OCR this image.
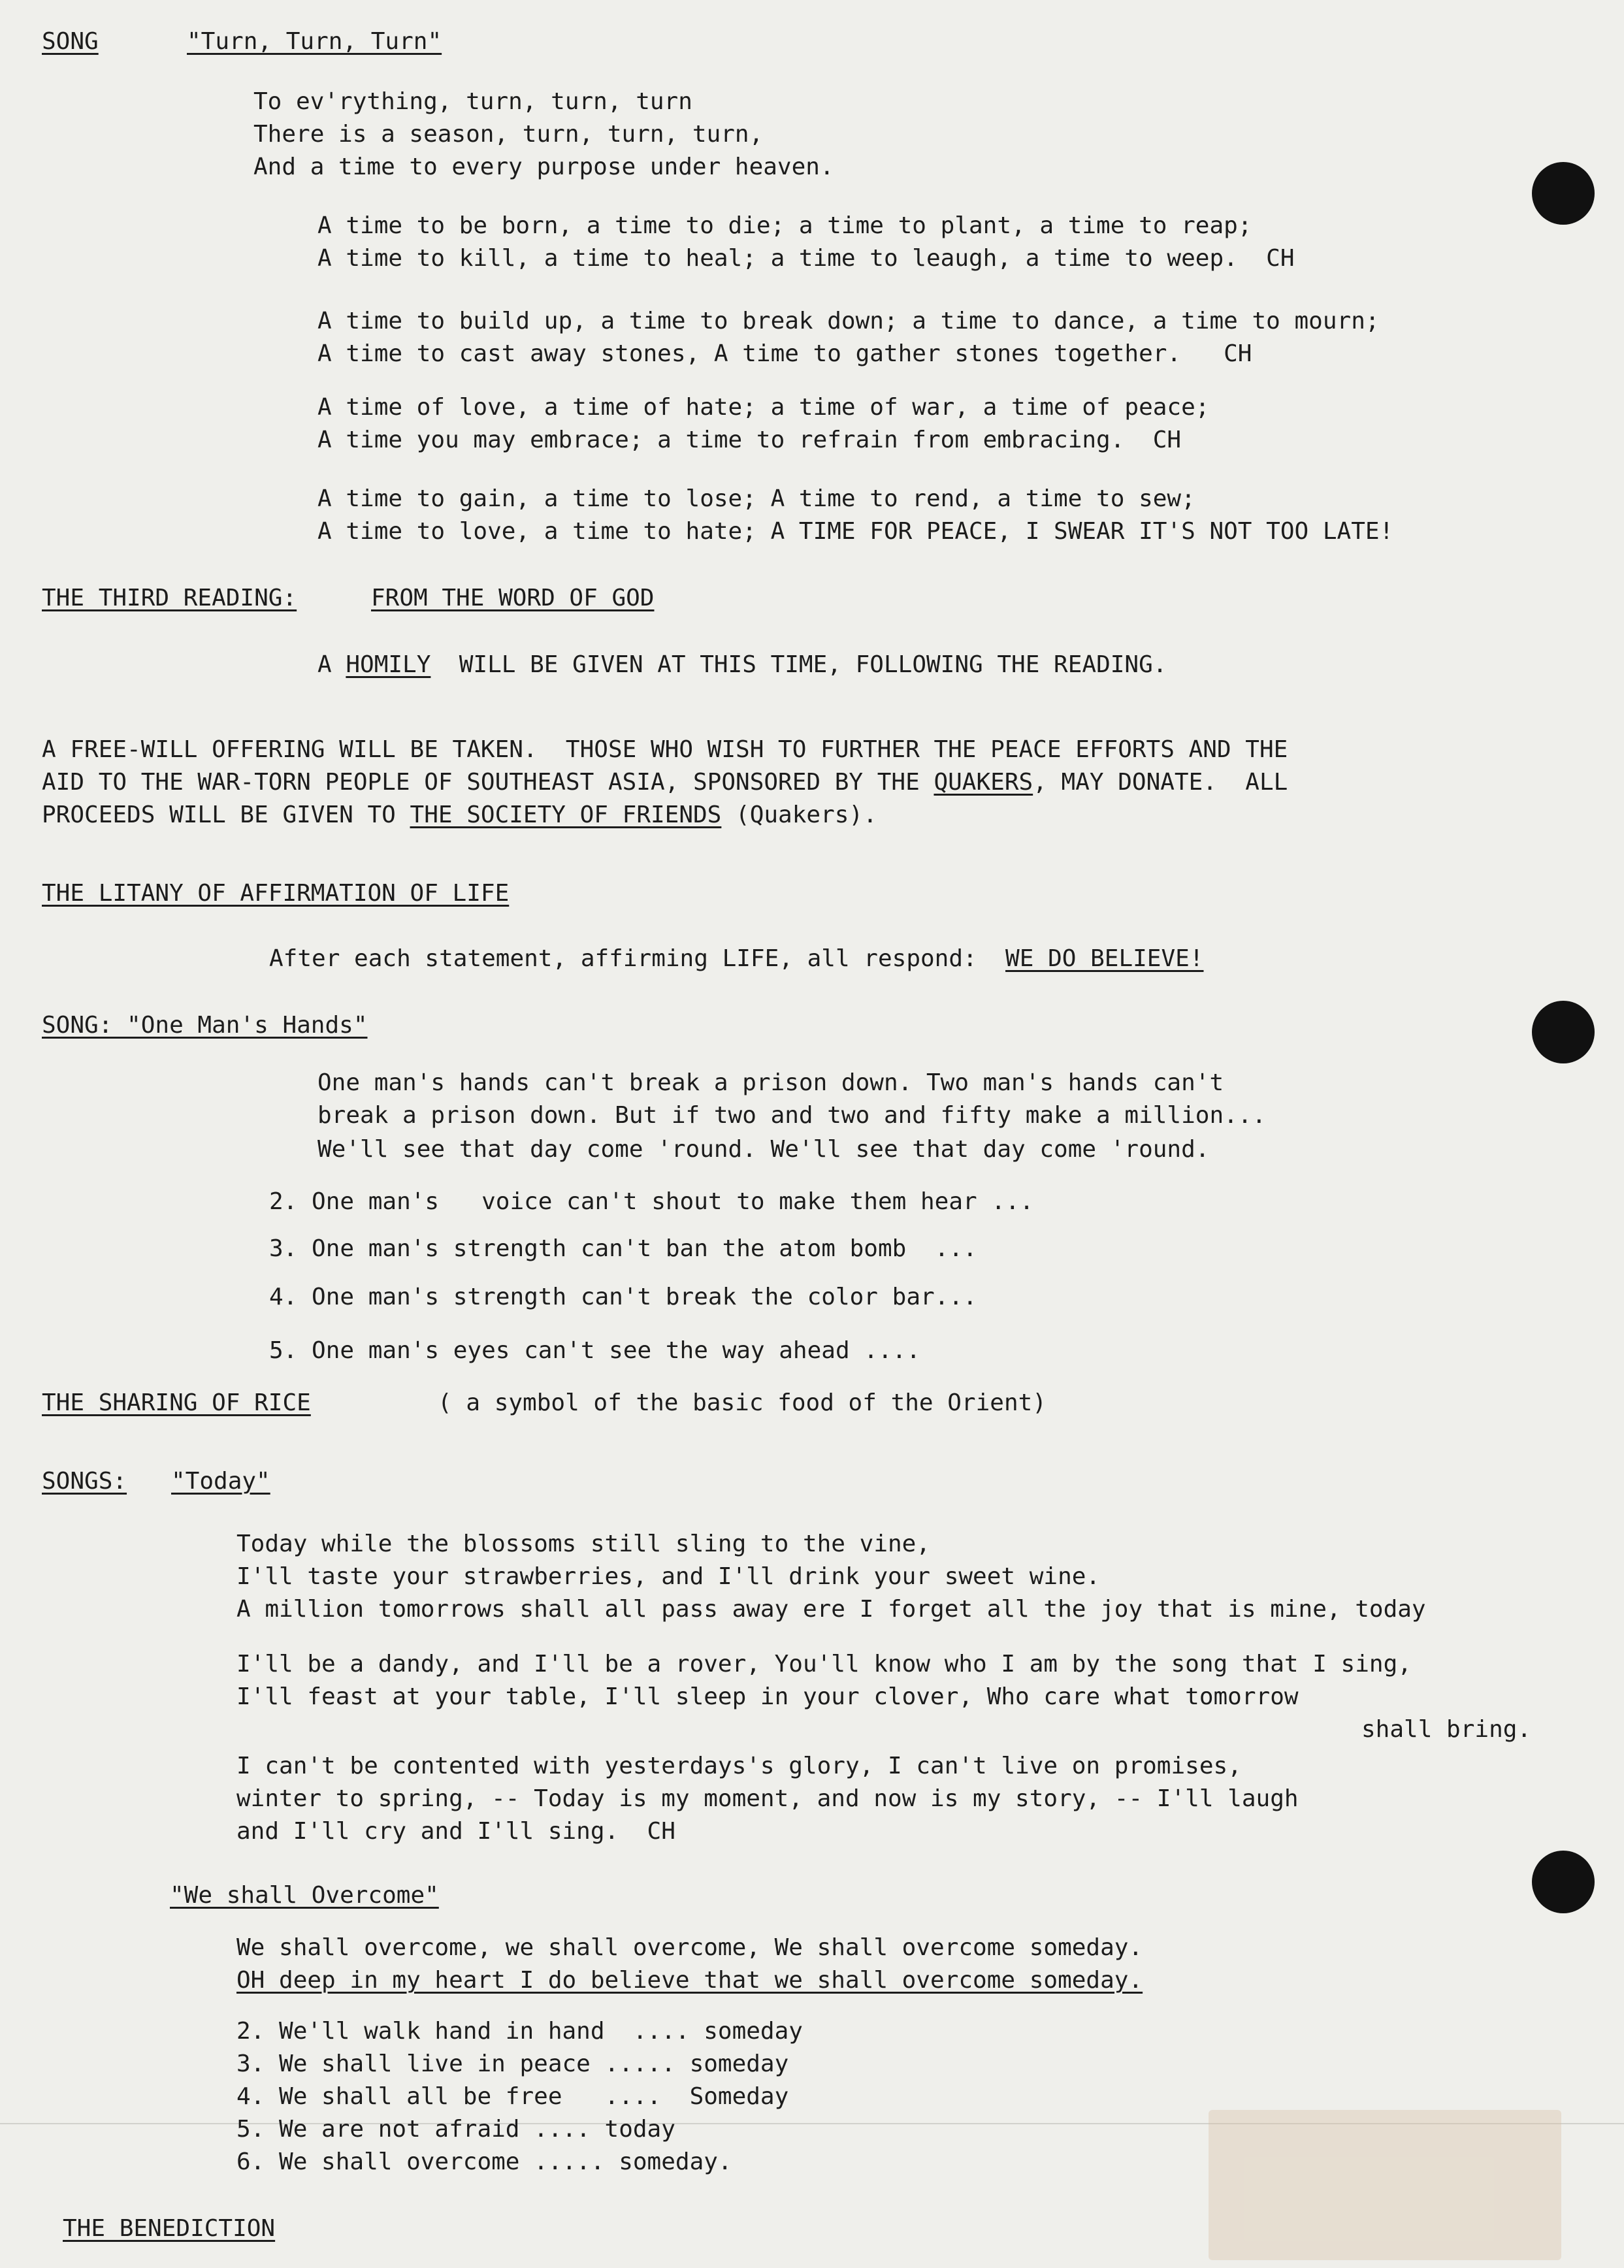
SONG	"Turn, Turn, Turn"
To ev'rything, turn, turn, turn
There is a season, turn, turn, turn,
And a time to every purpose under heaven.
A time to be born, a time to die; a time to plant, a time to reap;
A time to kill, a time to heal; a time to leaugh, a time to weep.  CH
A time to build up, a time to break down; a time to dance, a time to mourn;
A time to cast away stones, A time to gather stones together.   CH
A time of love, a time of hate; a time of war, a time of peace;
A time you may embrace; a time to refrain from embracing.  CH
A time to gain, a time to lose; A time to rend, a time to sew;
A time to love, a time to hate; A TIME FOR PEACE, I SWEAR IT'S NOT TOO LATE!
THE THIRD READING:	FROM THE WORD OF GOD
A HOMILY  WILL BE GIVEN AT THIS TIME, FOLLOWING THE READING.
A FREE-WILL OFFERING WILL BE TAKEN.  THOSE WHO WISH TO FURTHER THE PEACE EFFORTS AND THE
AID TO THE WAR-TORN PEOPLE OF SOUTHEAST ASIA, SPONSORED BY THE QUAKERS, MAY DONATE.  ALL
PROCEEDS WILL BE GIVEN TO THE SOCIETY OF FRIENDS (Quakers).
THE LITANY OF AFFIRMATION OF LIFE
After each statement, affirming LIFE, all respond:  WE DO BELIEVE!
SONG: "One Man's Hands"
One man's hands can't break a prison down. Two man's hands can't
break a prison down. But if two and two and fifty make a million...
We'll see that day come 'round. We'll see that day come 'round.
2. One man's   voice can't shout to make them hear ...
3. One man's strength can't ban the atom bomb  ...
4. One man's strength can't break the color bar...
5. One man's eyes can't see the way ahead ....
THE SHARING OF RICE	( a symbol of the basic food of the Orient)
SONGS: "Today"
Today while the blossoms still sling to the vine,
I'll taste your strawberries, and I'll drink your sweet wine.
A million tomorrows shall all pass away ere I forget all the joy that is mine, today
I'll be a dandy, and I'll be a rover, You'll know who I am by the song that I sing,
I'll feast at your table, I'll sleep in your clover, Who care what tomorrow
shall bring.
I can't be contented with yesterdays's glory, I can't live on promises,
winter to spring, -- Today is my moment, and now is my story, -- I'll laugh
and I'll cry and I'll sing.  CH
"We shall Overcome"
We shall overcome, we shall overcome, We shall overcome someday.
OH deep in my heart I do believe that we shall overcome someday.
2. We'll walk hand in hand  .... someday
3. We shall live in peace ..... someday
4. We shall all be free   ....  Someday
5. We are not afraid .... today
6. We shall overcome ..... someday.
THE BENEDICTION
